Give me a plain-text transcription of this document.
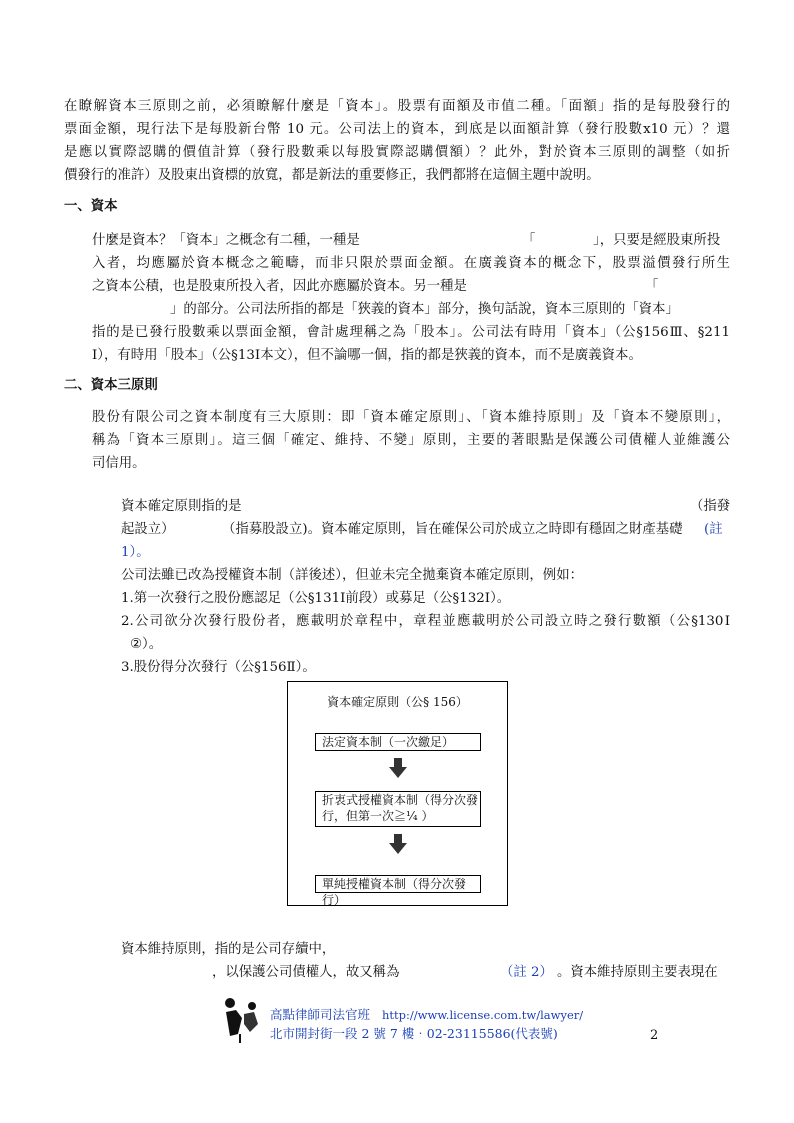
在瞭解資本三原則之前，必須瞭解什麼是「資本」。股票有面額及市值二種。「面額」指的是每股發行的
票面金額，現行法下是每股新台幣 10 元。公司法上的資本，到底是以面額計算（發行股數x10 元）？還
是應以實際認購的價值計算（發行股數乘以每股實際認購價額）？此外，對於資本三原則的調整（如折
價發行的准許）及股東出資標的放寬，都是新法的重要修正，我們都將在這個主題中說明。
一、資本
什麼是資本？「資本」之概念有二種，一種是	「	」，只要是經股東所投
入者，均應屬於資本概念之範疇，而非只限於票面金額。在廣義資本的概念下，股票溢價發行所生
之資本公積，也是股東所投入者，因此亦應屬於資本。另一種是	「
」的部分。公司法所指的都是「狹義的資本」部分，換句話說，資本三原則的「資本」
指的是已發行股數乘以票面金額，會計處理稱之為「股本」。公司法有時用「資本」（公§156Ⅲ、§211
Ⅰ），有時用「股本」（公§13Ⅰ本文），但不論哪一個，指的都是狹義的資本，而不是廣義資本。
二、資本三原則
股份有限公司之資本制度有三大原則：即「資本確定原則」、「資本維持原則」及「資本不變原則」，
稱為「資本三原則」。這三個「確定、維持、不變」原則，主要的著眼點是保護公司債權人並維護公
司信用。
資本確定原則指的是	（指發
起設立）	（指募股設立)。資本確定原則，旨在確保公司於成立之時即有穩固之財產基礎 (註
1）。
公司法雖已改為授權資本制（詳後述），但並未完全拋棄資本確定原則，例如：
1.第一次發行之股份應認足（公§131Ⅰ前段）或募足（公§132Ⅰ）。
2.公司欲分次發行股份者，應載明於章程中，章程並應載明於公司設立時之發行數額（公§130Ⅰ
②）。
3.股份得分次發行（公§156Ⅱ）。
資本確定原則（公§ 156）
法定資本制（一次繳足）
折衷式授權資本制（得分次發
行，但第一次≧¼ ）
單純授權資本制（得分次發行）
資本維持原則，指的是公司存續中，
，以保護公司債權人，故又稱為	（註 2） 。資本維持原則主要表現在
高點律師司法官班 http://www.license.com.tw/lawyer/
北市開封街一段 2 號 7 樓‧02-23115586(代表號)	2
